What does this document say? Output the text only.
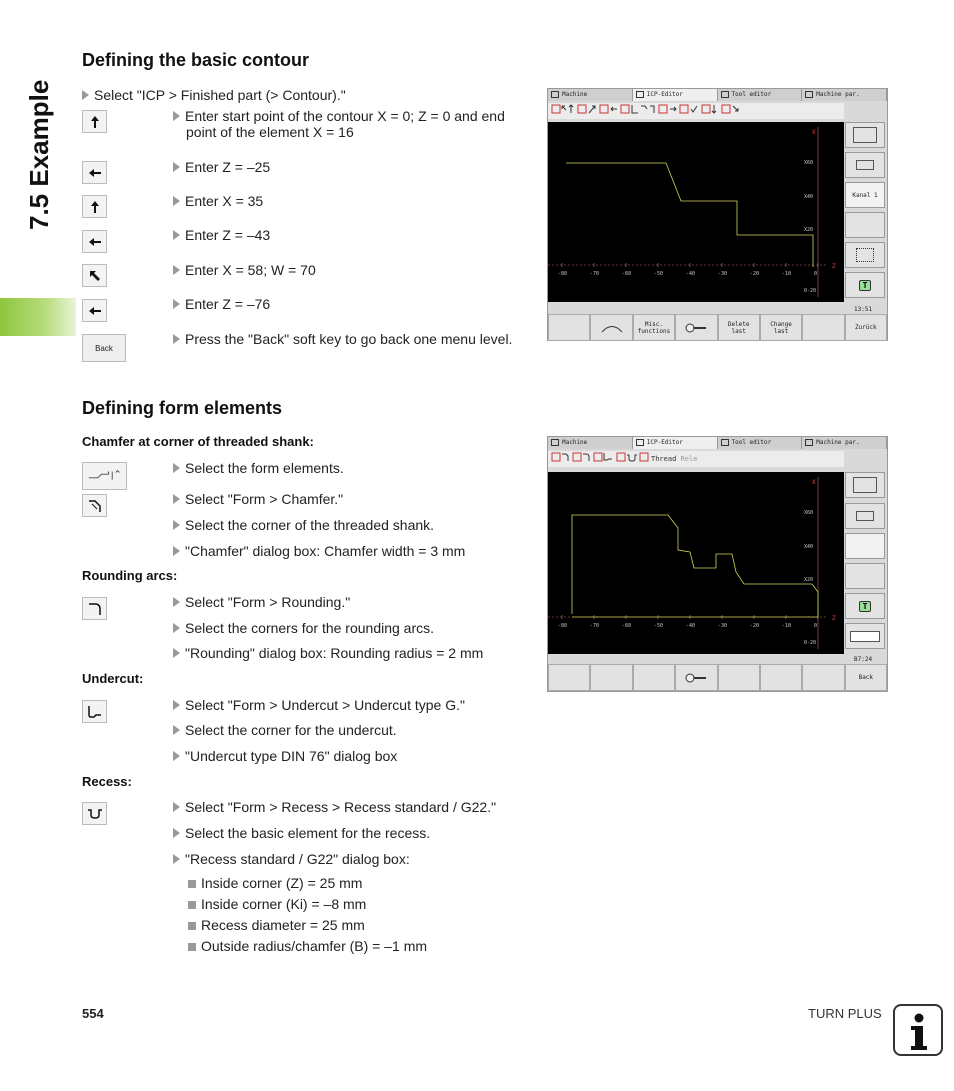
7.5 Example
Defining the basic contour
Select "ICP > Finished part (> Contour)."
Back
Enter start point of the contour X = 0; Z = 0 and end
point of the element X = 16
Enter Z = –25
Enter X = 35
Enter Z = –43
Enter X = 58; W = 70
Enter Z = –76
Press the "Back" soft key to go back one menu level.
Machine	ICP-Editor	Tool editor	Machine par.
-80	-70	-60	-50	-40	-30	-20	-10	0
X60
X40
X20
0-20
X
Z
Kanal 1
T
13:51
Misc.
functions
Delete
last
Change
last	Zurück
Defining form elements
Chamfer at corner of threaded shank:
Select the form elements.
Select "Form > Chamfer."
Select the corner of the threaded shank.
"Chamfer" dialog box: Chamfer width = 3 mm
Rounding arcs:
Select "Form > Rounding."
Select the corners for the rounding arcs.
"Rounding" dialog box: Rounding radius = 2 mm
Undercut:
Select "Form > Undercut > Undercut type G."
Select the corner for the undercut.
"Undercut type DIN 76" dialog box
Recess:
Select "Form > Recess > Recess standard / G22."
Select the basic element for the recess.
"Recess standard / G22" dialog box:
Inside corner (Z) = 25 mm
Inside corner (Ki) = –8 mm
Recess diameter = 25 mm
Outside radius/chamfer (B) = –1 mm
Machine	ICP-Editor	Tool editor	Machine par.
Thread Rele
-80	-70	-60	-50	-40	-30	-20	-10	0
X60
X40
X20
0-20
X
Z
T
B7:24
Back
554	TURN PLUS
